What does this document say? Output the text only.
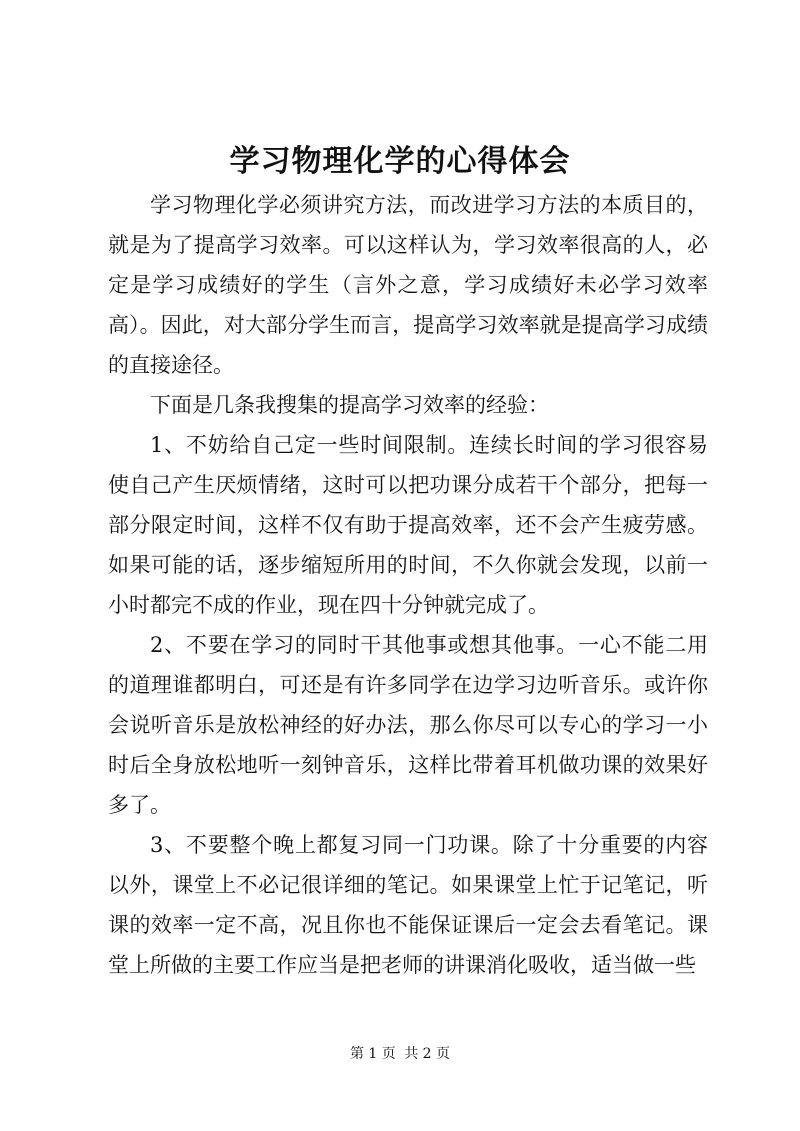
学习物理化学的心得体会

学习物理化学必须讲究方法，而改进学习方法的本质目的，就是为了提高学习效率。可以这样认为，学习效率很高的人，必定是学习成绩好的学生（言外之意，学习成绩好未必学习效率高）。因此，对大部分学生而言，提高学习效率就是提高学习成绩的直接途径。

下面是几条我搜集的提高学习效率的经验：

1、不妨给自己定一些时间限制。连续长时间的学习很容易使自己产生厌烦情绪，这时可以把功课分成若干个部分，把每一部分限定时间，这样不仅有助于提高效率，还不会产生疲劳感。如果可能的话，逐步缩短所用的时间，不久你就会发现，以前一小时都完不成的作业，现在四十分钟就完成了。

2、不要在学习的同时干其他事或想其他事。一心不能二用的道理谁都明白，可还是有许多同学在边学习边听音乐。或许你会说听音乐是放松神经的好办法，那么你尽可以专心的学习一小时后全身放松地听一刻钟音乐，这样比带着耳机做功课的效果好多了。

3、不要整个晚上都复习同一门功课。除了十分重要的内容以外，课堂上不必记很详细的笔记。如果课堂上忙于记笔记，听课的效率一定不高，况且你也不能保证课后一定会去看笔记。课堂上所做的主要工作应当是把老师的讲课消化吸收，适当做一些

第 1 页 共 2 页
